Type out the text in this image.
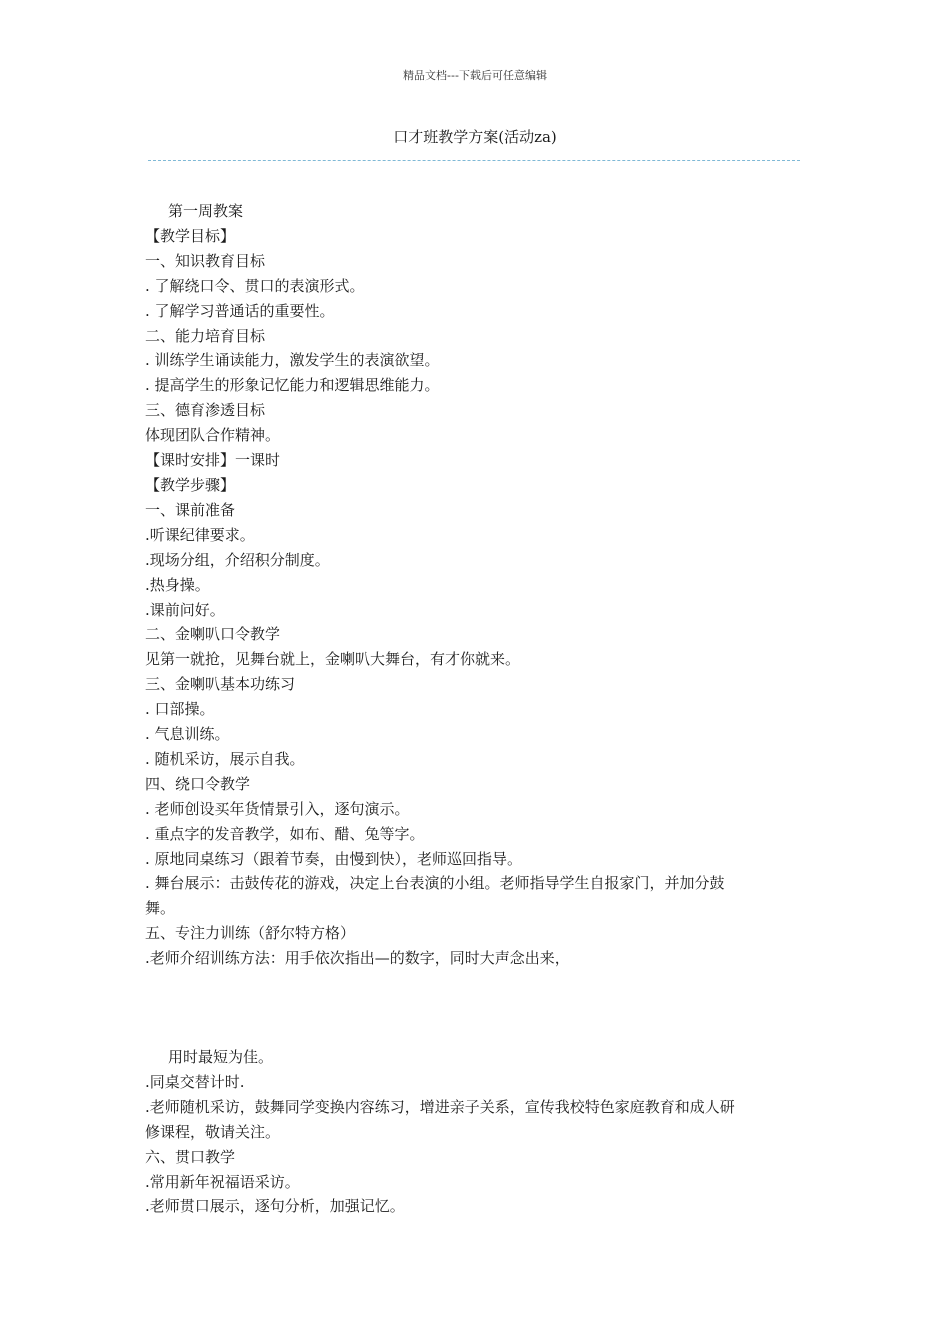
精品文档---下载后可任意编辑
口才班教学方案(活动za)

第一周教案

【教学目标】

一、知识教育目标

. 了解绕口令、贯口的表演形式。

. 了解学习普通话的重要性。

二、能力培育目标

. 训练学生诵读能力，激发学生的表演欲望。

. 提高学生的形象记忆能力和逻辑思维能力。

三、德育渗透目标

体现团队合作精神。

【课时安排】一课时

【教学步骤】

一、课前准备

.听课纪律要求。

.现场分组，介绍积分制度。

.热身操。

.课前问好。

二、金喇叭口令教学

见第一就抢，见舞台就上，金喇叭大舞台，有才你就来。

三、金喇叭基本功练习

. 口部操。

. 气息训练。

. 随机采访，展示自我。

四、绕口令教学

. 老师创设买年货情景引入，逐句演示。

. 重点字的发音教学，如布、醋、兔等字。

. 原地同桌练习（跟着节奏，由慢到快），老师巡回指导。

. 舞台展示：击鼓传花的游戏，决定上台表演的小组。老师指导学生自报家门，并加分鼓

舞。

五、专注力训练（舒尔特方格）

.老师介绍训练方法：用手依次指出—的数字，同时大声念出来，

用时最短为佳。

.同桌交替计时.

.老师随机采访，鼓舞同学变换内容练习，增进亲子关系，宣传我校特色家庭教育和成人研

修课程，敬请关注。

六、贯口教学

.常用新年祝福语采访。

.老师贯口展示，逐句分析，加强记忆。
